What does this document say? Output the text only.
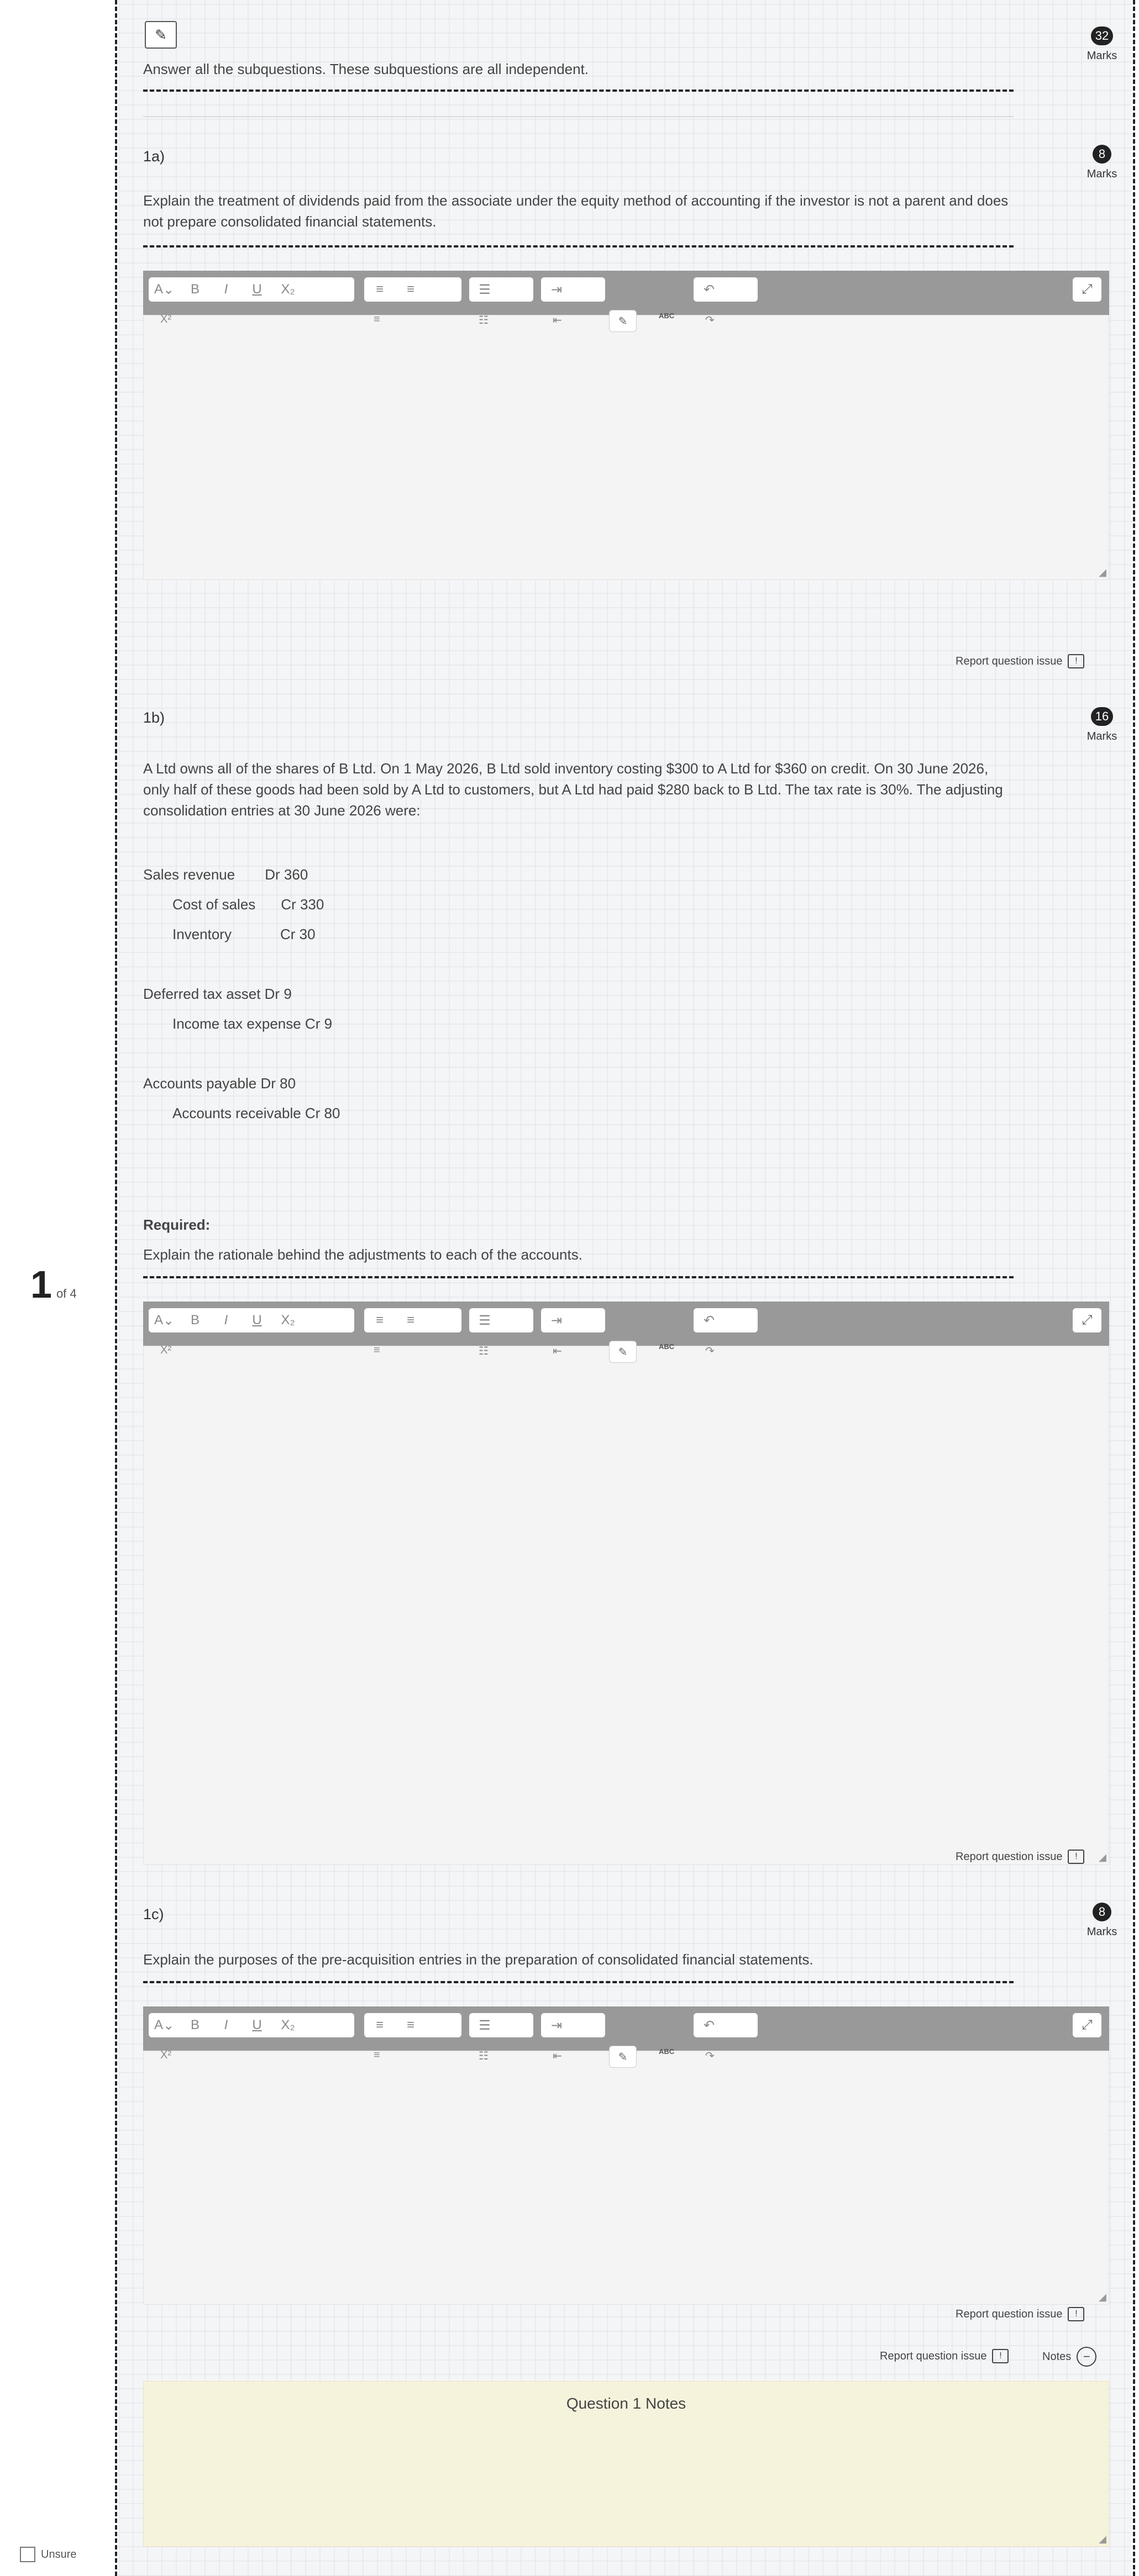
1 of 4
Unsure
✎	32
Marks
Answer all the subquestions. These subquestions are all independent.
1a)	8
Marks
Explain the treatment of dividends paid from the associate under the equity method of accounting if the investor is not a parent and does not prepare consolidated financial statements.
A ⌄	B	I	U	X₂	≡	≡	☰	⇥	↶	⤢
X²	≡	☷	⇤	↷
✎	ABC
◢
Report question issue	!
1b)	16
Marks
A Ltd owns all of the shares of B Ltd. On 1 May 2026, B Ltd sold inventory costing $300 to A Ltd for $360 on credit. On 30 June 2026, only half of these goods had been sold by A Ltd to customers, but A Ltd had paid $280 back to B Ltd. The tax rate is 30%. The adjusting consolidation entries at 30 June 2026 were:
Sales revenue Dr 360
Cost of sales Cr 330
Inventory	Cr 30
Deferred tax asset Dr 9
Income tax expense Cr 9
Accounts payable Dr 80
Accounts receivable Cr 80
Required:
Explain the rationale behind the adjustments to each of the accounts.
A ⌄	B	I	U	X₂	≡	≡	☰	⇥	↶	⤢
X²	≡	☷	⇤	↷
✎	ABC
◢
Report question issue	!
1c)	8
Marks
Explain the purposes of the pre-acquisition entries in the preparation of consolidated financial statements.
A ⌄	B	I	U	X₂	≡	≡	☰	⇥	↶	⤢
X²	≡	☷	⇤	↷
✎	ABC
◢
Report question issue	!
Report question issue	!	Notes −
Question 1 Notes
◢
